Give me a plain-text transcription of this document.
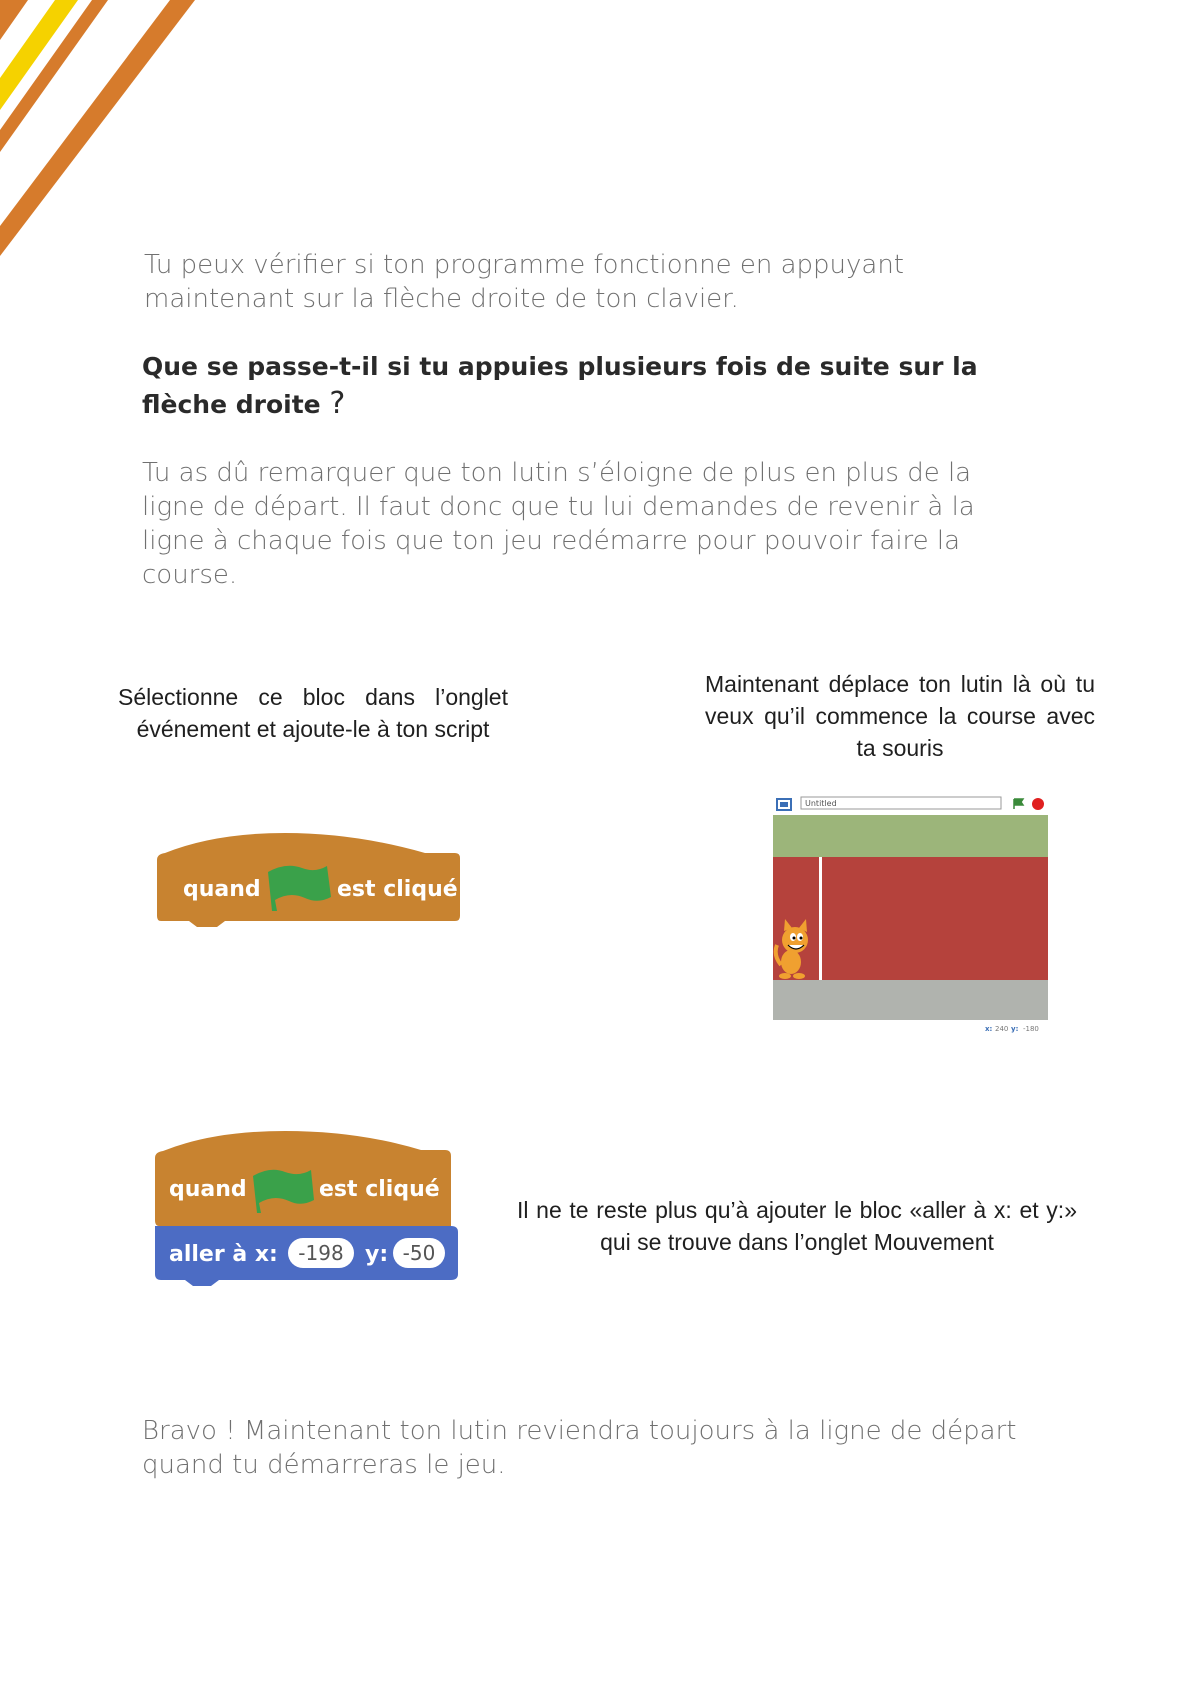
Tu peux vérifier si ton programme fonctionne en appuyant maintenant sur la flèche droite de ton clavier.

Que se passe-t-il si tu appuies plusieurs fois de suite sur la flèche droite ?

Tu as dû remarquer que ton lutin s’éloigne de plus en plus de la ligne de départ. Il faut donc que tu lui demandes de revenir à la ligne à chaque fois que ton jeu redémarre pour pouvoir faire la course.

Sélectionne ce bloc dans l’onglet événement et ajoute-le à ton script

quand	est cliqué

Maintenant déplace ton lutin là où tu veux qu’il commence la course avec ta souris

Untitled
x: 240 y: -180
quand	est cliqué
aller à x: -198 y: -50

Il ne te reste plus qu’à ajouter le bloc «aller à x: et y:» qui se trouve dans l’onglet Mouvement

Bravo ! Maintenant ton lutin reviendra toujours à la ligne de départ quand tu démarreras le jeu.
